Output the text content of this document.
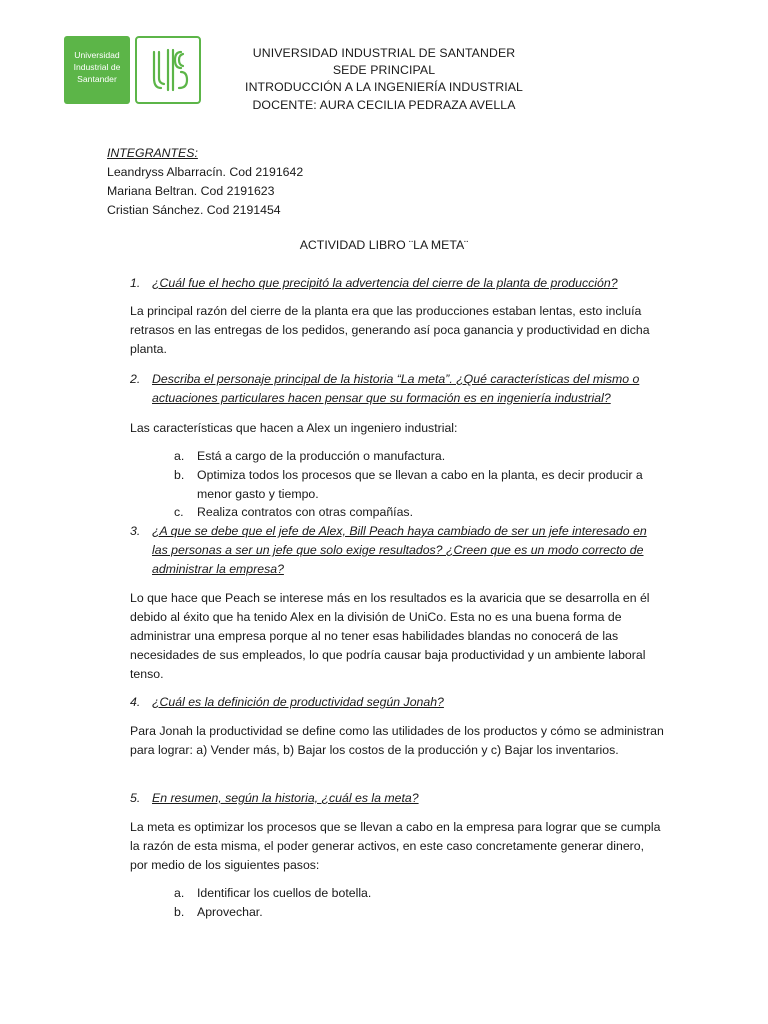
Universidad
Industrial de
Santander
UNIVERSIDAD INDUSTRIAL DE SANTANDER
SEDE PRINCIPAL
INTRODUCCIÓN A LA INGENIERÍA INDUSTRIAL
DOCENTE: AURA CECILIA PEDRAZA AVELLA
INTEGRANTES:
Leandryss Albarracín. Cod 2191642
Mariana Beltran. Cod 2191623
Cristian Sánchez. Cod 2191454
ACTIVIDAD LIBRO ¨LA META¨
1. ¿Cuál fue el hecho que precipitó la advertencia del cierre de la planta de producción?
La principal razón del cierre de la planta era que las producciones estaban lentas, esto incluía retrasos en las entregas de los pedidos, generando así poca ganancia y productividad en dicha planta.
2. Describa el personaje principal de la historia “La meta”. ¿Qué características del mismo o actuaciones particulares hacen pensar que su formación es en ingeniería industrial?
Las características que hacen a Alex un ingeniero industrial:
a. Está a cargo de la producción o manufactura.
b. Optimiza todos los procesos que se llevan a cabo en la planta, es decir producir a menor gasto y tiempo.
c. Realiza contratos con otras compañías.
3. ¿A que se debe que el jefe de Alex, Bill Peach haya cambiado de ser un jefe interesado en las personas a ser un jefe que solo exige resultados? ¿Creen que es un modo correcto de administrar la empresa?
Lo que hace que Peach se interese más en los resultados es la avaricia que se desarrolla en él debido al éxito que ha tenido Alex en la división de UniCo. Esta no es una buena forma de administrar una empresa porque al no tener esas habilidades blandas no conocerá de las necesidades de sus empleados, lo que podría causar baja productividad y un ambiente laboral tenso.
4. ¿Cuál es la definición de productividad según Jonah?
Para Jonah la productividad se define como las utilidades de los productos y cómo se administran para lograr: a) Vender más, b) Bajar los costos de la producción y c) Bajar los inventarios.
5. En resumen, según la historia, ¿cuál es la meta?
La meta es optimizar los procesos que se llevan a cabo en la empresa para lograr que se cumpla la razón de esta misma, el poder generar activos, en este caso concretamente generar dinero, por medio de los siguientes pasos:
a. Identificar los cuellos de botella.
b. Aprovechar.
